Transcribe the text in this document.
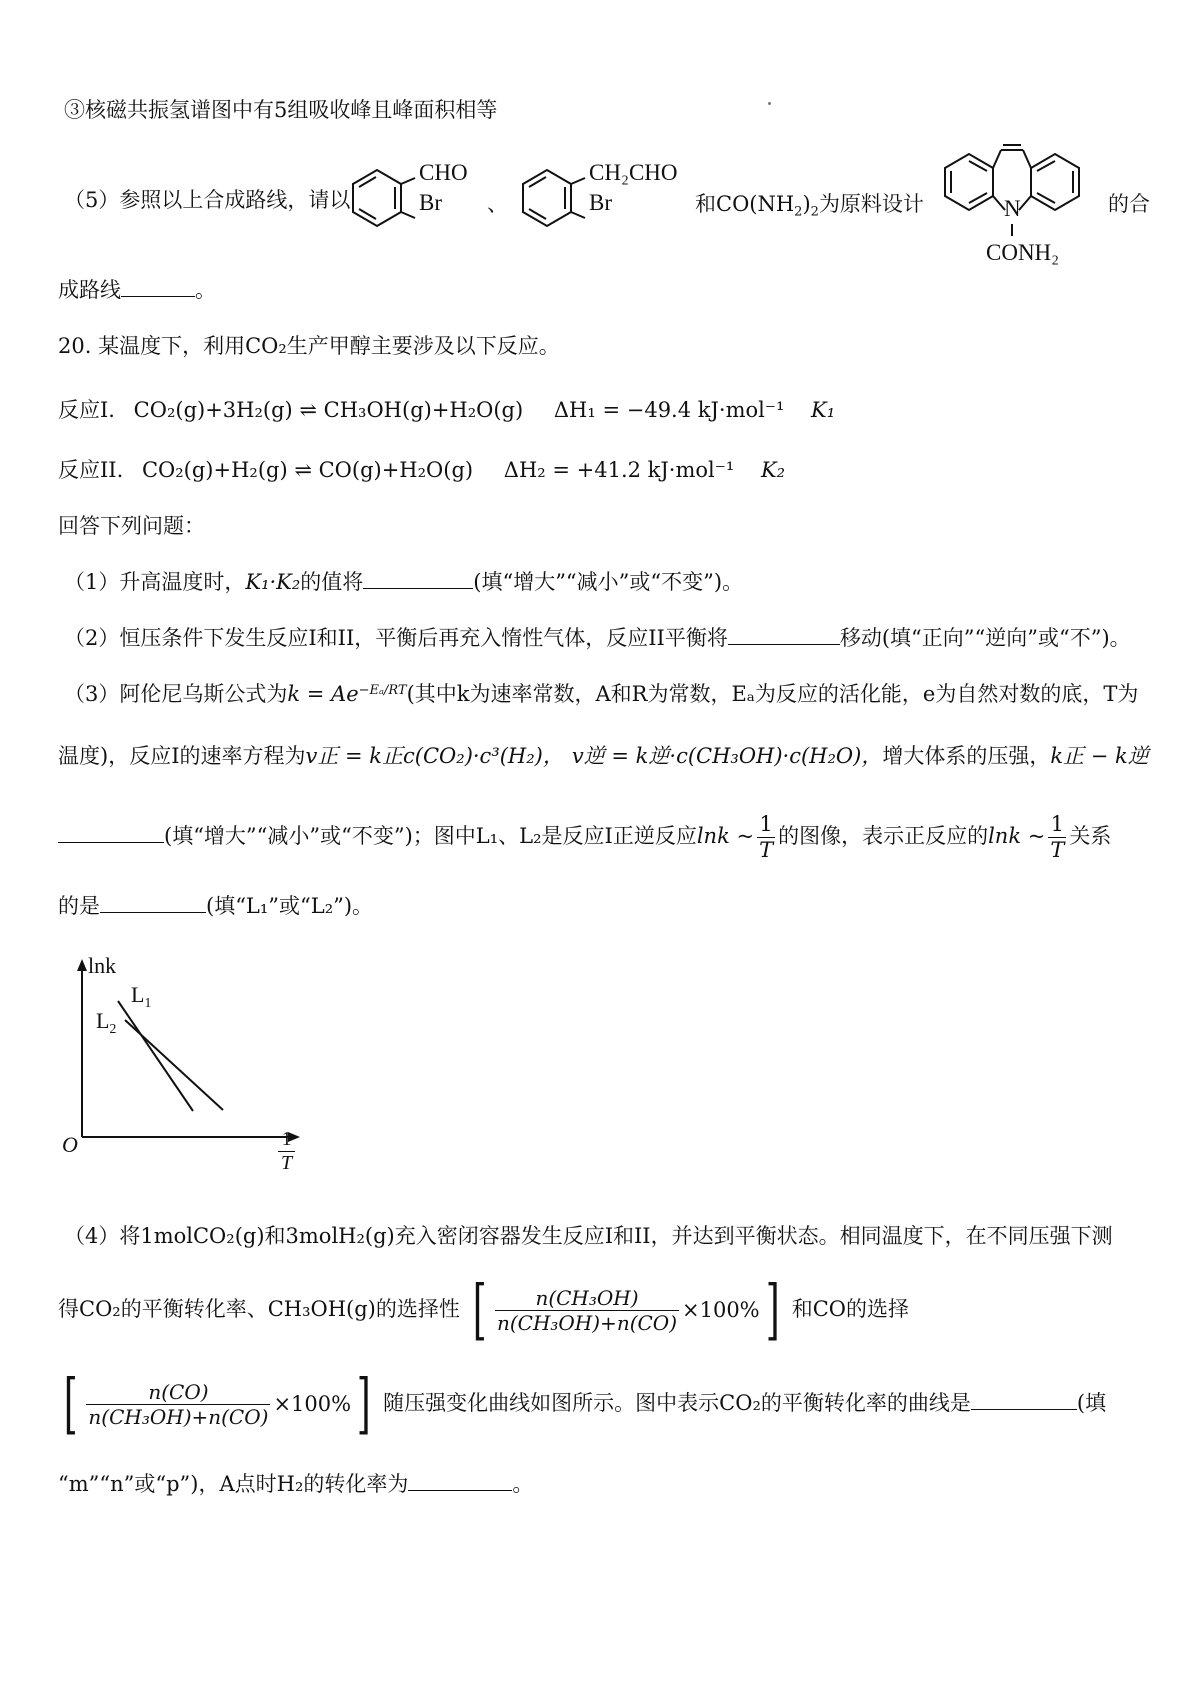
③核磁共振氢谱图中有5组吸收峰且峰面积相等
（5）参照以上合成路线，请以
CHO
Br 、
CH₂CHO
Br	和$CO(NH_2)_2$为原料设计	N
CONH₂
的合
成路线	。
20. 某温度下，利用CO₂生产甲醇主要涉及以下反应。
反应I. CO₂(g)+3H₂(g) ⇌ CH₃OH(g)+H₂O(g) ΔH₁ = −49.4 kJ·mol⁻¹ K₁
反应II. CO₂(g)+H₂(g) ⇌ CO(g)+H₂O(g) ΔH₂ = +41.2 kJ·mol⁻¹ K₂
回答下列问题：
（1）升高温度时，K₁·K₂的值将	(填“增大”“减小”或“不变”)。
（2）恒压条件下发生反应I和II，平衡后再充入惰性气体，反应II平衡将	移动(填“正向”“逆向”或“不”)。
（3）阿伦尼乌斯公式为$k = Ae^{-E_a/RT}$(其中k为速率常数，A和R为常数，Eₐ为反应的活化能，e为自然对数的底，T为
温度)，反应I的速率方程为v正 = k正c(CO₂)·c³(H₂)， v逆 = k逆·c(CH₃OH)·c(H₂O)，增大体系的压强，k正 − k逆
(填“增大”“减小”或“不变”)；图中L₁、L₂是反应I正逆反应lnk ~ $\frac{1}{T}$ 的图像，表示正反应的lnk ~ $\frac{1}{T}$ 关系
的是	(填“L₁”或“L₂”)。
lnk
$L_1$
$L_2$
O	$\frac{1}{T}$
（4）将1molCO₂(g)和3molH₂(g)充入密闭容器发生反应I和II，并达到平衡状态。相同温度下，在不同压强下测
得CO₂的平衡转化率、CH₃OH(g)的选择性 [ $\frac{\text{n(CH₃OH)}}{\text{n(CH₃OH)+n(CO)}} \times 100\%$ ] 和CO的选择
[ $\frac{n(CO)}{\text{n(CH₃OH)+n(CO)}} \times 100\%$ ] 随压强变化曲线如图所示。图中表示CO₂的平衡转化率的曲线是	(填
“m”“n”或“p”)，A点时H₂的转化率为	。
